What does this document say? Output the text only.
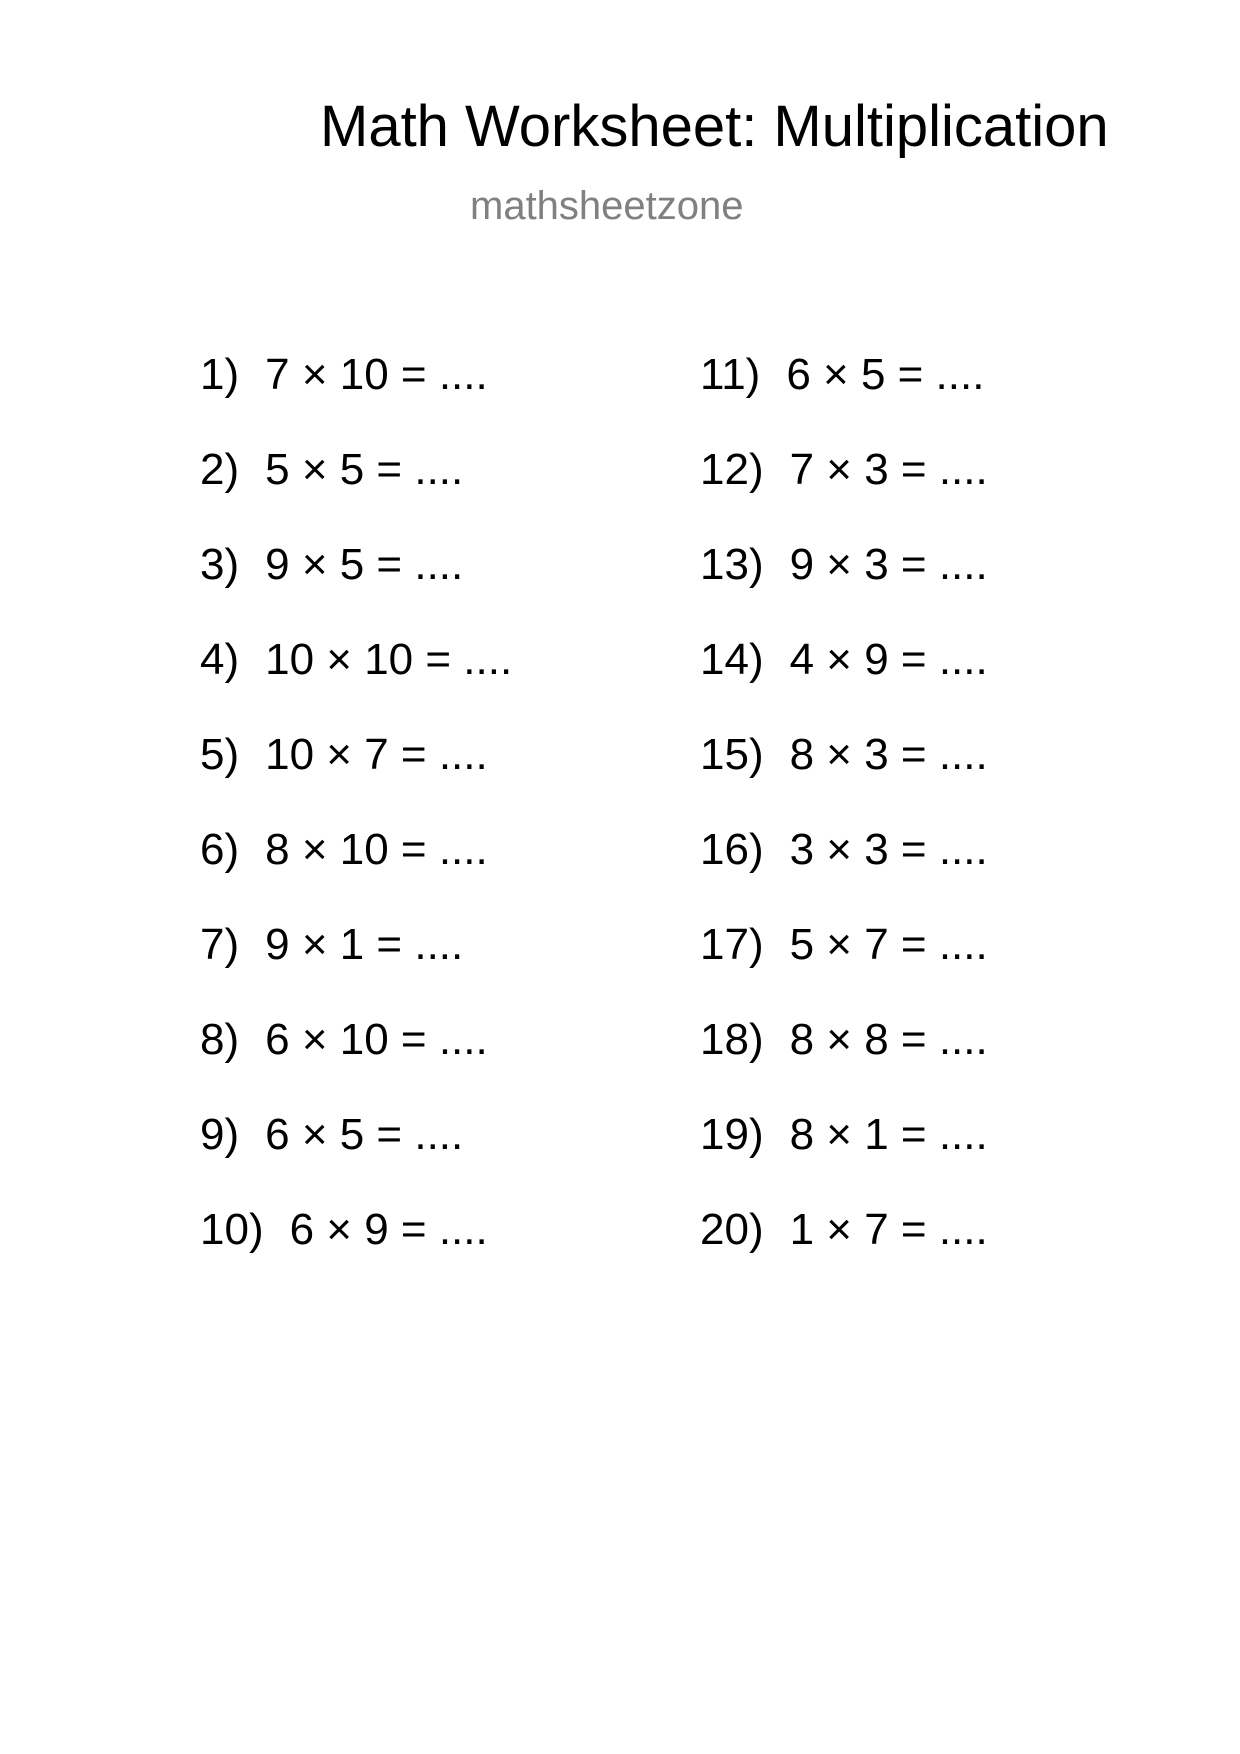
Math Worksheet: Multiplication
mathsheetzone
1) 7 × 10 = ....
2) 5 × 5 = ....
3) 9 × 5 = ....
4) 10 × 10 = ....
5) 10 × 7 = ....
6) 8 × 10 = ....
7) 9 × 1 = ....
8) 6 × 10 = ....
9) 6 × 5 = ....
10) 6 × 9 = ....
11) 6 × 5 = ....
12) 7 × 3 = ....
13) 9 × 3 = ....
14) 4 × 9 = ....
15) 8 × 3 = ....
16) 3 × 3 = ....
17) 5 × 7 = ....
18) 8 × 8 = ....
19) 8 × 1 = ....
20) 1 × 7 = ....
